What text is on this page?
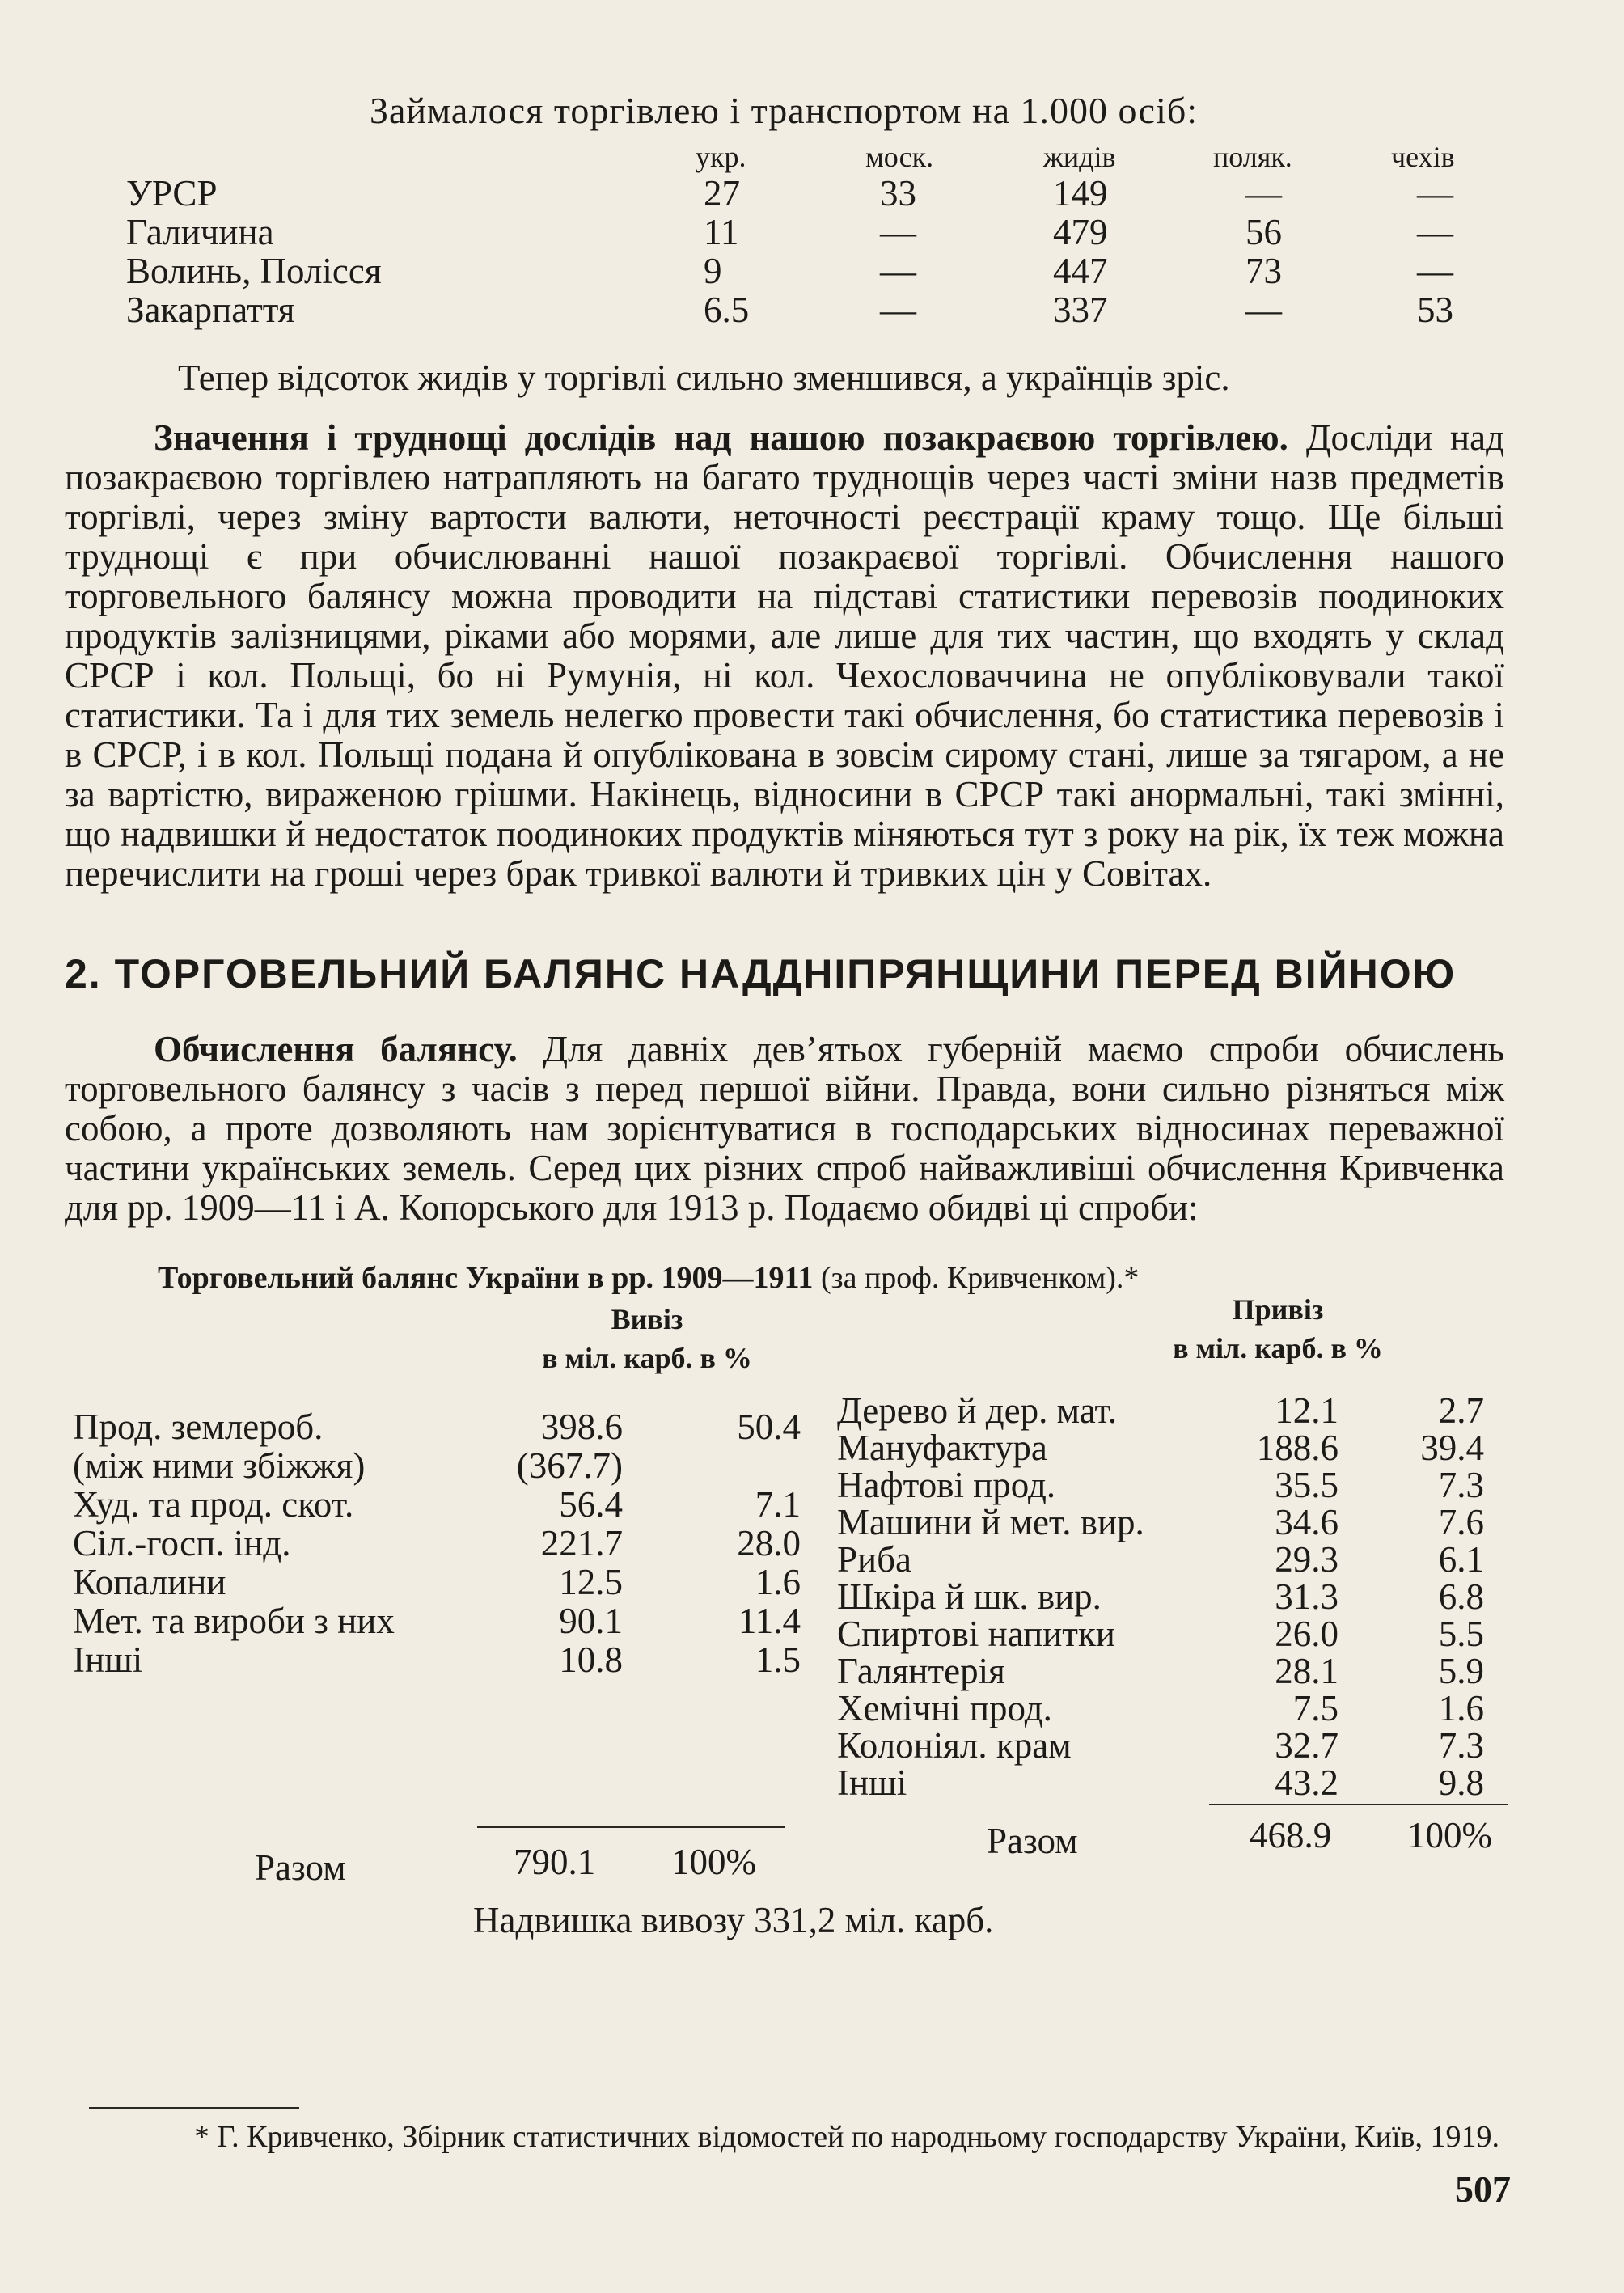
Займалося торгівлею і транспортом на 1.000 осіб:
укр.	моск.	жидів	поляк.	чехів
УРСР	27	33	149	—	—
Галичина	11	—	479	56	—
Волинь, Полісся	9	—	447	73	—
Закарпаття	6.5	—	337	—	53
Тепер відсоток жидів у торгівлі сильно зменшився, а українців зріс.

Значення і труднощі дослідів над нашою позакраєвою торгівлею. Досліди над позакраєвою торгівлею натрапляють на багато труднощів через часті зміни назв предметів торгівлі, через зміну вартости валюти, неточності реєстрації краму тощо. Ще більші труднощі є при обчислюванні нашої позакраєвої торгівлі. Обчислення нашого торговельного балянсу можна проводити на підставі статистики перевозів поодиноких продуктів залізницями, ріками або морями, але лише для тих частин, що входять у склад СРСР і кол. Польщі, бо ні Румунія, ні кол. Чехословаччина не опубліковували такої статистики. Та і для тих земель нелегко провести такі обчислення, бо статистика перевозів і в СРСР, і в кол. Польщі подана й опублікована в зовсім сирому стані, лише за тягаром, а не за вартістю, вираженою грішми. Накінець, відносини в СРСР такі анормальні, такі змінні, що надвишки й недостаток поодиноких продуктів міняються тут з року на рік, їх теж можна перечислити на гроші через брак тривкої валюти й тривких цін у Совітах.

2. ТОРГОВЕЛЬНИЙ БАЛЯНС НАДДНІПРЯНЩИНИ ПЕРЕД ВІЙНОЮ

Обчислення балянсу. Для давніх дев’ятьох губерній маємо спроби обчислень торговельного балянсу з часів з перед першої війни. Правда, вони сильно різняться між собою, а проте дозволяють нам зорієнтуватися в господарських відносинах переважної частини українських земель. Серед цих різних спроб найважливіші обчислення Кривченка для рр. 1909—11 і А. Копорського для 1913 р. Подаємо обидві ці спроби:

Торговельний балянс України в рр. 1909—1911 (за проф. Кривченком).*
Вивіз
в міл. карб. в %
Привіз
в міл. карб. в %
Прод. землероб.	398.6	50.4
(між ними збіжжя)	(367.7)
Худ. та прод. скот.	56.4	7.1
Сіл.-госп. інд.	221.7	28.0
Копалини	12.5	1.6
Мет. та вироби з них	90.1	11.4
Інші	10.8	1.5
Дерево й дер. мат.	12.1	2.7
Мануфактура	188.6	39.4
Нафтові прод.	35.5	7.3
Машини й мет. вир.	34.6	7.6
Риба	29.3	6.1
Шкіра й шк. вир.	31.3	6.8
Спиртові напитки	26.0	5.5
Галянтерія	28.1	5.9
Хемічні прод.	7.5	1.6
Колоніял. крам	32.7	7.3
Інші	43.2	9.8
Разом	790.1 100%
Разом	468.9 100%
Надвишка вивозу 331,2 міл. карб.
* Г. Кривченко, Збірник статистичних відомостей по народньому господарству України, Київ, 1919.
507
